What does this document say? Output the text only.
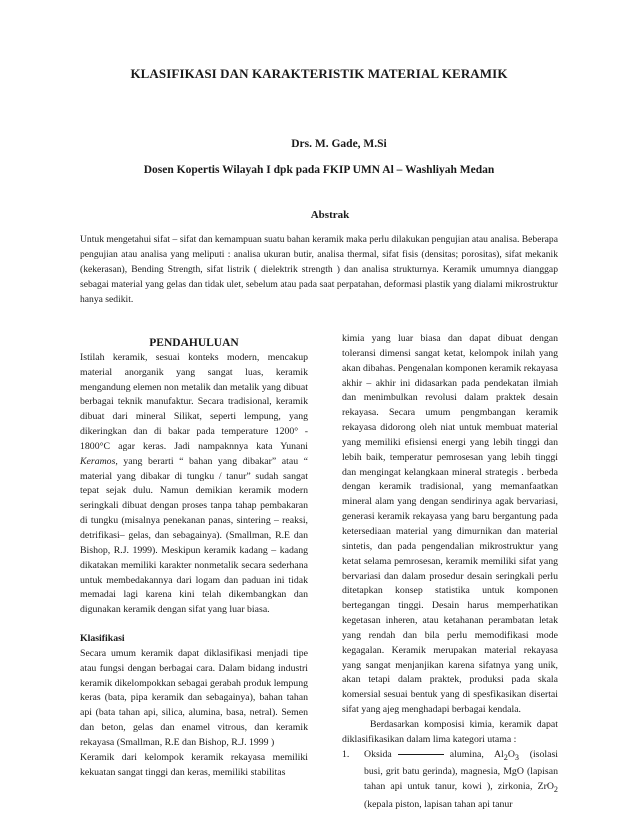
KLASIFIKASI DAN KARAKTERISTIK MATERIAL KERAMIK
Drs. M. Gade, M.Si
Dosen Kopertis Wilayah I dpk pada FKIP UMN Al – Washliyah Medan
Abstrak

Untuk mengetahui sifat – sifat dan kemampuan suatu bahan keramik maka perlu dilakukan pengujian atau analisa. Beberapa pengujian atau analisa yang meliputi : analisa ukuran butir, analisa thermal, sifat fisis (densitas; porositas), sifat mekanik (kekerasan), Bending Strength, sifat listrik ( dielektrik strength ) dan analisa strukturnya. Keramik umumnya dianggap sebagai material yang gelas dan tidak ulet, sebelum atau pada saat perpatahan, deformasi plastik yang dialami mikrostruktur hanya sedikit.

PENDAHULUAN

Istilah keramik, sesuai konteks modern, mencakup material anorganik yang sangat luas, keramik mengandung elemen non metalik dan metalik yang dibuat berbagai teknik manufaktur. Secara tradisional, keramik dibuat dari mineral Silikat, seperti lempung, yang dikeringkan dan di bakar pada temperature 1200° - 1800°C agar keras. Jadi nampaknnya kata Yunani Keramos, yang berarti “ bahan yang dibakar” atau “ material yang dibakar di tungku / tanur” sudah sangat tepat sejak dulu. Namun demikian keramik modern seringkali dibuat dengan proses tanpa tahap pembakaran di tungku (misalnya penekanan panas, sintering – reaksi, detrifikasi– gelas, dan sebagainya). (Smallman, R.E dan Bishop, R.J. 1999). Meskipun keramik kadang – kadang dikatakan memiliki karakter nonmetalik secara sederhana untuk membedakannya dari logam dan paduan ini tidak memadai lagi karena kini telah dikembangkan dan digunakan keramik dengan sifat yang luar biasa.

Klasifikasi

Secara umum keramik dapat diklasifikasi menjadi tipe atau fungsi dengan berbagai cara. Dalam bidang industri keramik dikelompokkan sebagai gerabah produk lempung keras (bata, pipa keramik dan sebagainya), bahan tahan api (bata tahan api, silica, alumina, basa, netral). Semen dan beton, gelas dan enamel vitrous, dan keramik rekayasa (Smallman, R.E dan Bishop, R.J. 1999 )

Keramik dari kelompok keramik rekayasa memiliki kekuatan sangat tinggi dan keras, memiliki stabilitas

kimia yang luar biasa dan dapat dibuat dengan toleransi dimensi sangat ketat, kelompok inilah yang akan dibahas. Pengenalan komponen keramik rekayasa akhir – akhir ini didasarkan pada pendekatan ilmiah dan menimbulkan revolusi dalam praktek desain rekayasa. Secara umum pengmbangan keramik rekayasa didorong oleh niat untuk membuat material yang memiliki efisiensi energi yang lebih tinggi dan lebih baik, temperatur pemrosesan yang lebih tinggi dan mengingat kelangkaan mineral strategis . berbeda dengan keramik tradisional, yang memanfaatkan mineral alam yang dengan sendirinya agak bervariasi, generasi keramik rekayasa yang baru bergantung pada ketersediaan material yang dimurnikan dan material sintetis, dan pada pengendalian mikrostruktur yang ketat selama pemrosesan, keramik memiliki sifat yang bervariasi dan dalam prosedur desain seringkali perlu ditetapkan konsep statistika untuk komponen bertegangan tinggi. Desain harus memperhatikan kegetasan inheren, atau ketahanan perambatan letak yang rendah dan bila perlu memodifikasi mode kegagalan. Keramik merupakan material rekayasa yang sangat menjanjikan karena sifatnya yang unik, akan tetapi dalam praktek, produksi pada skala komersial sesuai bentuk yang di spesfikasikan disertai sifat yang ajeg menghadapi berbagai kendala.

Berdasarkan komposisi kimia, keramik dapat diklasifikasikan dalam lima kategori utama :

1.	Oksida	alumina, $Al_2O_3$ (isolasi busi, grit batu gerinda), magnesia, MgO (lapisan tahan api untuk tanur, kowi ), zirkonia, ZrO$_2$ (kepala piston, lapisan tahan api tanur
